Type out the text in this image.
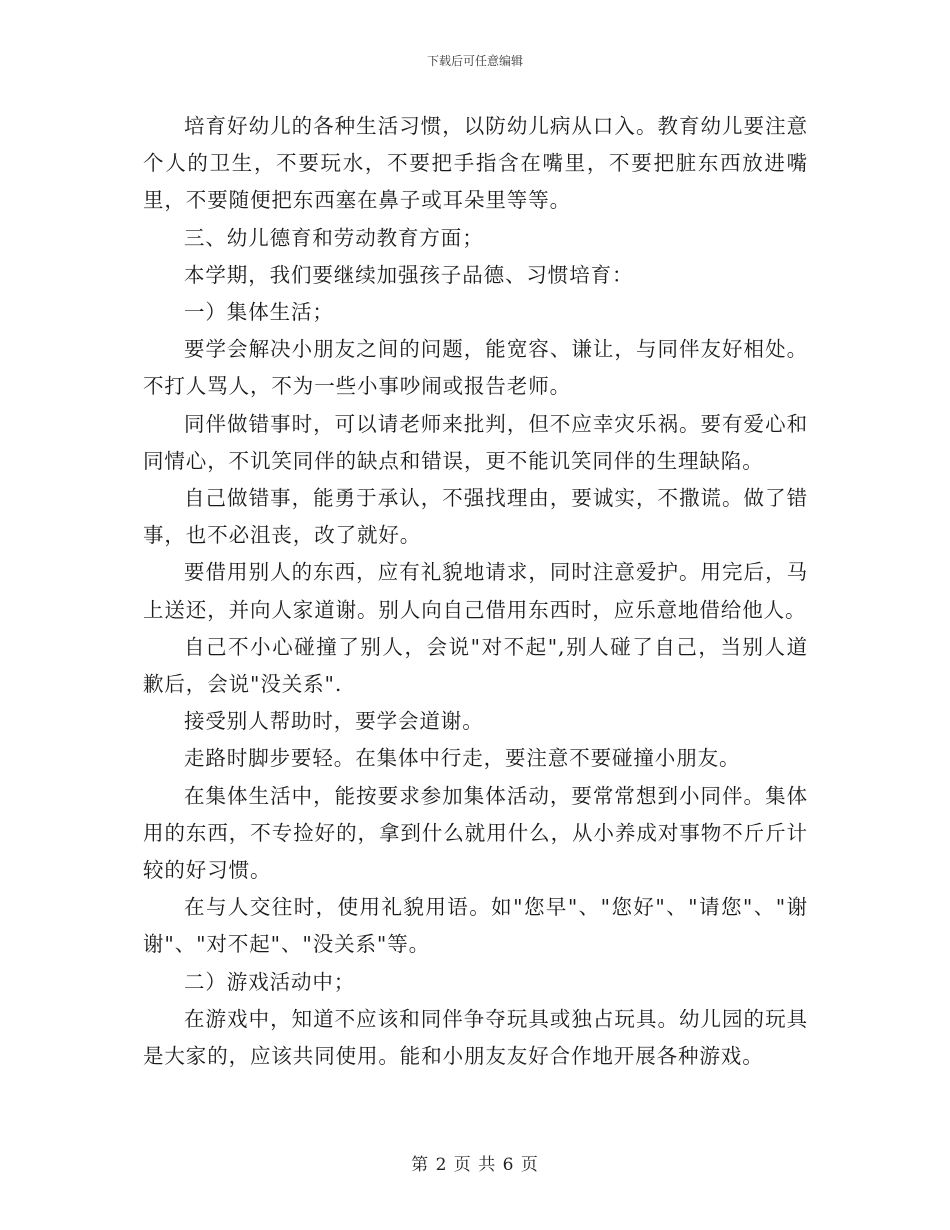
下载后可任意编辑

培育好幼儿的各种生活习惯，以防幼儿病从口入。教育幼儿要注意个人的卫生，不要玩水，不要把手指含在嘴里，不要把脏东西放进嘴里，不要随便把东西塞在鼻子或耳朵里等等。

三、幼儿德育和劳动教育方面；

本学期，我们要继续加强孩子品德、习惯培育：

一）集体生活；

要学会解决小朋友之间的问题，能宽容、谦让，与同伴友好相处。不打人骂人，不为一些小事吵闹或报告老师。

同伴做错事时，可以请老师来批判，但不应幸灾乐祸。要有爱心和同情心，不讥笑同伴的缺点和错误，更不能讥笑同伴的生理缺陷。

自己做错事，能勇于承认，不强找理由，要诚实，不撒谎。做了错事，也不必沮丧，改了就好。

要借用别人的东西，应有礼貌地请求，同时注意爱护。用完后，马上送还，并向人家道谢。别人向自己借用东西时，应乐意地借给他人。

自己不小心碰撞了别人，会说"对不起",别人碰了自己，当别人道歉后，会说"没关系".

接受别人帮助时，要学会道谢。

走路时脚步要轻。在集体中行走，要注意不要碰撞小朋友。

在集体生活中，能按要求参加集体活动，要常常想到小同伴。集体用的东西，不专捡好的，拿到什么就用什么，从小养成对事物不斤斤计较的好习惯。

在与人交往时，使用礼貌用语。如"您早"、"您好"、"请您"、"谢谢"、"对不起"、"没关系"等。

二）游戏活动中；

在游戏中，知道不应该和同伴争夺玩具或独占玩具。幼儿园的玩具是大家的，应该共同使用。能和小朋友友好合作地开展各种游戏。

第 2 页 共 6 页
